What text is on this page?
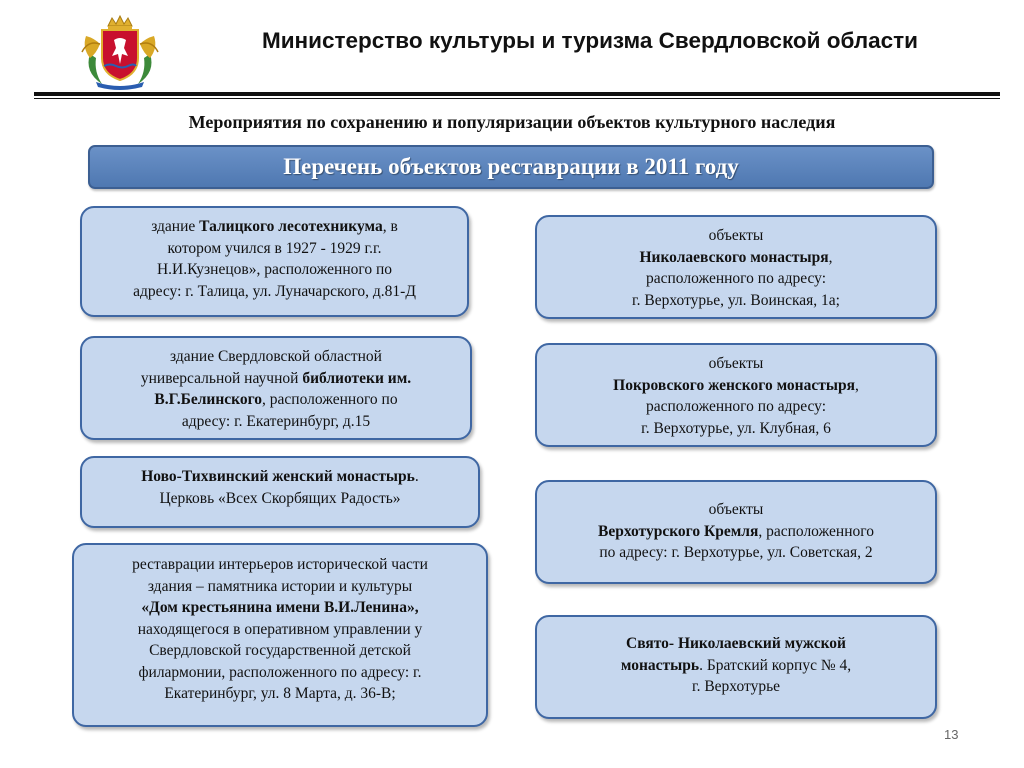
Министерство культуры и туризма Свердловской области
Мероприятия по сохранению и популяризации объектов культурного наследия
Перечень объектов реставрации в 2011 году
здание Талицкого лесотехникума, в
котором учился в 1927 - 1929 г.г.
Н.И.Кузнецов», расположенного по
адресу: г. Талица, ул. Луначарского, д.81-Д
здание Свердловской областной
универсальной научной библиотеки им.
В.Г.Белинского, расположенного по
адресу: г. Екатеринбург, д.15
Ново-Тихвинский женский монастырь.
Церковь «Всех Скорбящих Радость»
реставрации интерьеров исторической части
здания – памятника истории и культуры
«Дом крестьянина имени В.И.Ленина»,
находящегося в оперативном управлении у
Свердловской государственной детской
филармонии, расположенного по адресу: г.
Екатеринбург, ул. 8 Марта, д. 36-В;
объекты
Николаевского монастыря,
расположенного по адресу:
г. Верхотурье, ул. Воинская, 1а;
объекты
Покровского женского монастыря,
расположенного по адресу:
г. Верхотурье, ул. Клубная, 6
объекты
Верхотурского Кремля, расположенного
по адресу: г. Верхотурье, ул. Советская, 2
Свято- Николаевский мужской
монастырь. Братский корпус № 4,
г. Верхотурье
13
